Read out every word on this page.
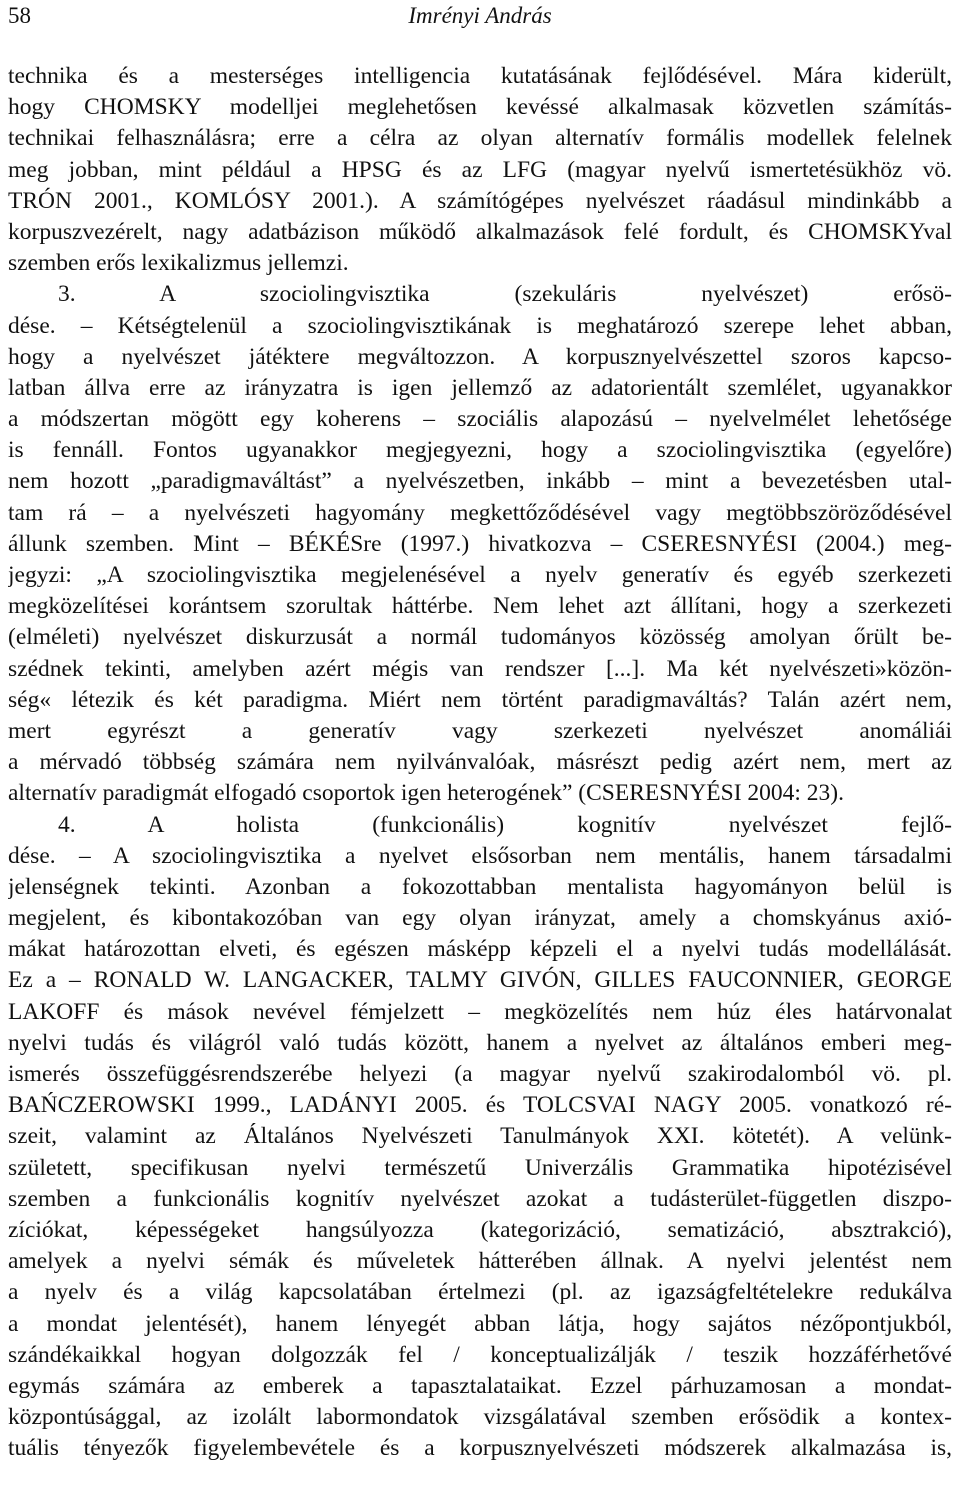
58	Imrényi András
technika és a mesterséges intelligencia kutatásának fejlődésével. Mára kiderült,
hogy CHOMSKY modelljei meglehetősen kevéssé alkalmasak közvetlen számítás-
technikai felhasználásra; erre a célra az olyan alternatív formális modellek felelnek
meg jobban, mint például a HPSG és az LFG (magyar nyelvű ismertetésükhöz vö.
TRÓN 2001., KOMLÓSY 2001.). A számítógépes nyelvészet ráadásul mindinkább a
korpuszvezérelt, nagy adatbázison működő alkalmazások felé fordult, és CHOMSKYval
szemben erős lexikalizmus jellemzi.
3. A szociolingvisztika (szekuláris nyelvészet) erősö-
dése. – Kétségtelenül a szociolingvisztikának is meghatározó szerepe lehet abban,
hogy a nyelvészet játéktere megváltozzon. A korpusznyelvészettel szoros kapcso-
latban állva erre az irányzatra is igen jellemző az adatorientált szemlélet, ugyanakkor
a módszertan mögött egy koherens – szociális alapozású – nyelvelmélet lehetősége
is fennáll. Fontos ugyanakkor megjegyezni, hogy a szociolingvisztika (egyelőre)
nem hozott „paradigmaváltást” a nyelvészetben, inkább – mint a bevezetésben utal-
tam rá – a nyelvészeti hagyomány megkettőződésével vagy megtöbbszöröződésével
állunk szemben. Mint – BÉKÉSre (1997.) hivatkozva – CSERESNYÉSI (2004.) meg-
jegyzi: „A szociolingvisztika megjelenésével a nyelv generatív és egyéb szerkezeti
megközelítései korántsem szorultak háttérbe. Nem lehet azt állítani, hogy a szerkezeti
(elméleti) nyelvészet diskurzusát a normál tudományos közösség amolyan őrült be-
szédnek tekinti, amelyben azért mégis van rendszer [...]. Ma két nyelvészeti»közön-
ség« létezik és két paradigma. Miért nem történt paradigmaváltás? Talán azért nem,
mert egyrészt a generatív vagy szerkezeti nyelvészet anomáliái
a mérvadó többség számára nem nyilvánvalóak, másrészt pedig azért nem, mert az
alternatív paradigmát elfogadó csoportok igen heterogének” (CSERESNYÉSI 2004: 23).
4. A holista (funkcionális) kognitív nyelvészet fejlő-
dése. – A szociolingvisztika a nyelvet elsősorban nem mentális, hanem társadalmi
jelenségnek tekinti. Azonban a fokozottabban mentalista hagyományon belül is
megjelent, és kibontakozóban van egy olyan irányzat, amely a chomskyánus axió-
mákat határozottan elveti, és egészen másképp képzeli el a nyelvi tudás modellálását.
Ez a – RONALD W. LANGACKER, TALMY GIVÓN, GILLES FAUCONNIER, GEORGE
LAKOFF és mások nevével fémjelzett – megközelítés nem húz éles határvonalat
nyelvi tudás és világról való tudás között, hanem a nyelvet az általános emberi meg-
ismerés összefüggésrendszerébe helyezi (a magyar nyelvű szakirodalomból vö. pl.
BAŃCZEROWSKI 1999., LADÁNYI 2005. és TOLCSVAI NAGY 2005. vonatkozó ré-
szeit, valamint az Általános Nyelvészeti Tanulmányok XXI. kötetét). A velünk-
született, specifikusan nyelvi természetű Univerzális Grammatika hipotézisével
szemben a funkcionális kognitív nyelvészet azokat a tudásterület-független diszpo-
zíciókat, képességeket hangsúlyozza (kategorizáció, sematizáció, absztrakció),
amelyek a nyelvi sémák és műveletek hátterében állnak. A nyelvi jelentést nem
a nyelv és a világ kapcsolatában értelmezi (pl. az igazságfeltételekre redukálva
a mondat jelentését), hanem lényegét abban látja, hogy sajátos nézőpontjukból,
szándékaikkal hogyan dolgozzák fel / konceptualizálják / teszik hozzáférhetővé
egymás számára az emberek a tapasztalataikat. Ezzel párhuzamosan a mondat-
központúsággal, az izolált labormondatok vizsgálatával szemben erősödik a kontex-
tuális tényezők figyelembevétele és a korpusznyelvészeti módszerek alkalmazása is,
